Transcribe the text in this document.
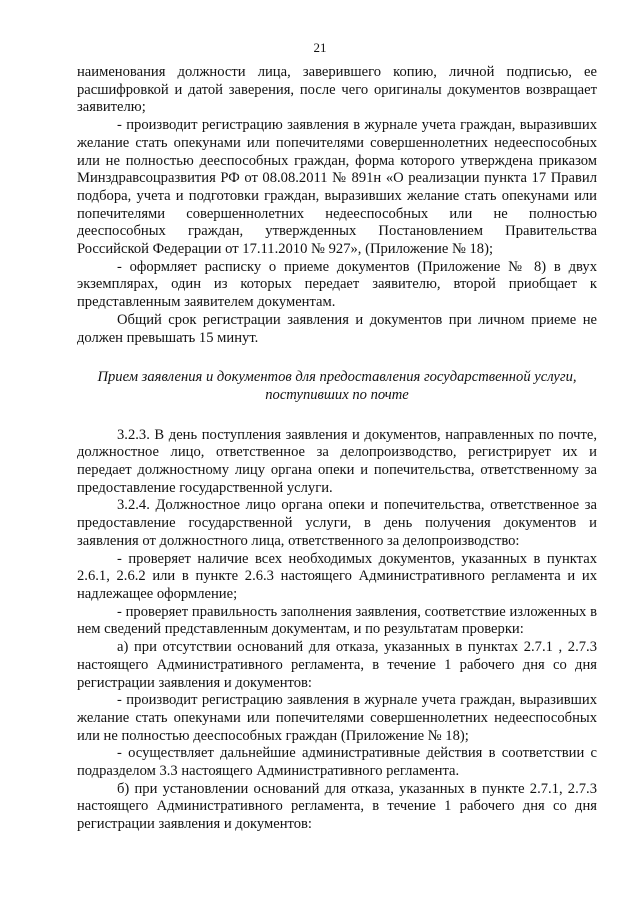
21

наименования должности лица, заверившего копию, личной подписью, ее расшифровкой и датой заверения, после чего оригиналы документов возвращает заявителю;

- производит регистрацию заявления в журнале учета граждан, выразивших желание стать опекунами или попечителями совершеннолетних недееспособных или не полностью дееспособных граждан, форма которого утверждена приказом Минздравсоцразвития РФ от 08.08.2011 № 891н «О реализации пункта 17 Правил подбора, учета и подготовки граждан, выразивших желание стать опекунами или попечителями совершеннолетних недееспособных или не полностью дееспособных граждан, утвержденных Постановлением Правительства Российской Федерации от 17.11.2010 № 927», (Приложение № 18);

- оформляет расписку о приеме документов (Приложение № 8) в двух экземплярах, один из которых передает заявителю, второй приобщает к представленным заявителем документам.

Общий срок регистрации заявления и документов при личном приеме не должен превышать 15 минут.

Прием заявления и документов для предоставления государственной услуги, поступивших по почте

3.2.3. В день поступления заявления и документов, направленных по почте, должностное лицо, ответственное за делопроизводство, регистрирует их и передает должностному лицу органа опеки и попечительства, ответственному за предоставление государственной услуги.

3.2.4. Должностное лицо органа опеки и попечительства, ответственное за предоставление государственной услуги, в день получения документов и заявления от должностного лица, ответственного за делопроизводство:

- проверяет наличие всех необходимых документов, указанных в пунктах 2.6.1, 2.6.2 или в пункте 2.6.3 настоящего Административного регламента и их надлежащее оформление;

- проверяет правильность заполнения заявления, соответствие изложенных в нем сведений представленным документам, и по результатам проверки:

а) при отсутствии оснований для отказа, указанных в пунктах 2.7.1 , 2.7.3 настоящего Административного регламента, в течение 1 рабочего дня со дня регистрации заявления и документов:

- производит регистрацию заявления в журнале учета граждан, выразивших желание стать опекунами или попечителями совершеннолетних недееспособных или не полностью дееспособных граждан (Приложение № 18);

- осуществляет дальнейшие административные действия в соответствии с подразделом 3.3 настоящего Административного регламента.

б) при установлении оснований для отказа, указанных в пункте 2.7.1, 2.7.3 настоящего Административного регламента, в течение 1 рабочего дня со дня регистрации заявления и документов:
